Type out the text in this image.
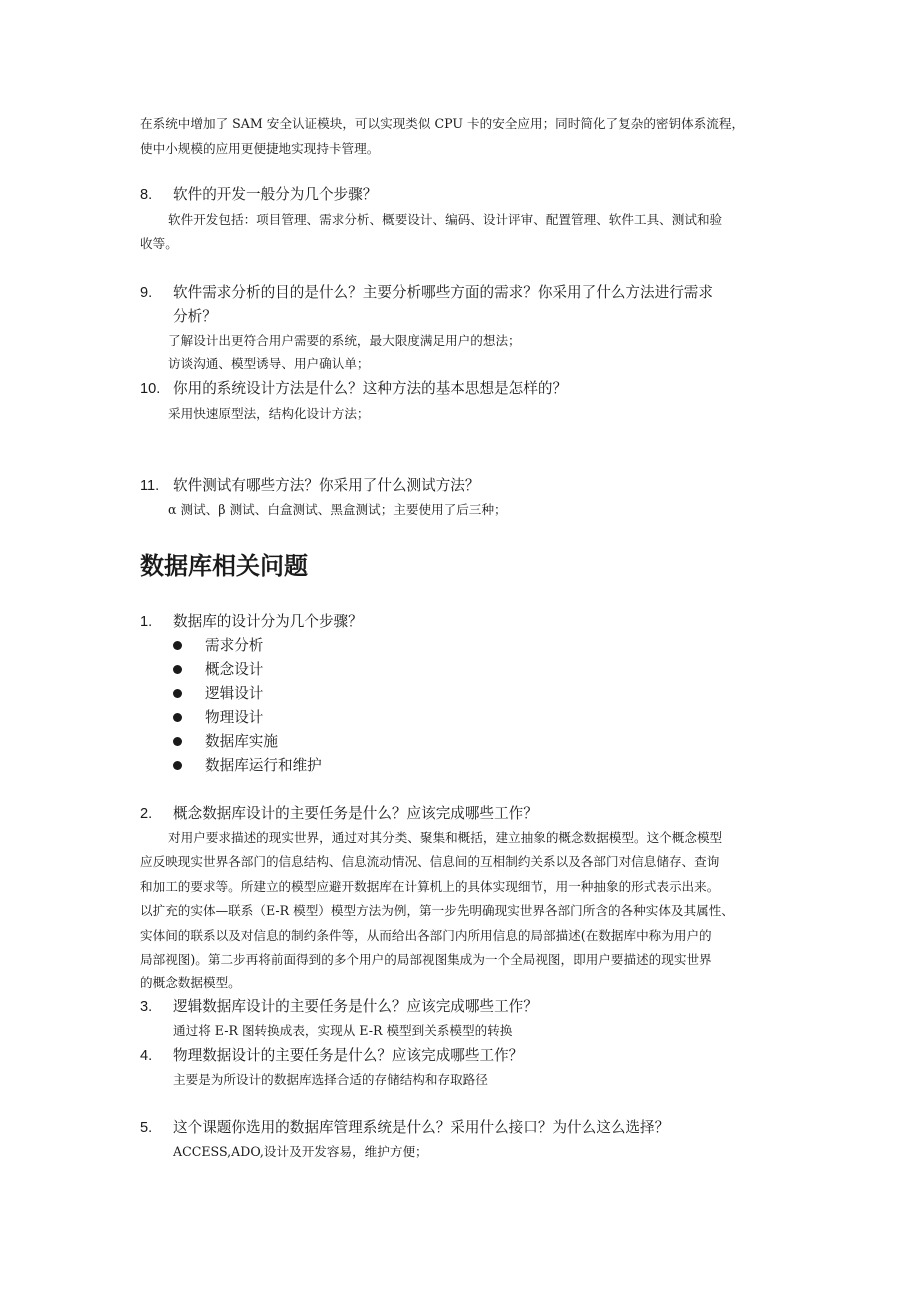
在系统中增加了 SAM 安全认证模块，可以实现类似 CPU 卡的安全应用；同时简化了复杂的密钥体系流程，
使中小规模的应用更便捷地实现持卡管理。
8. 软件的开发一般分为几个步骤？
软件开发包括：项目管理、需求分析、概要设计、编码、设计评审、配置管理、软件工具、测试和验
收等。
9. 软件需求分析的目的是什么？主要分析哪些方面的需求？你采用了什么方法进行需求
分析？
了解设计出更符合用户需要的系统，最大限度满足用户的想法；
访谈沟通、模型诱导、用户确认单；
10. 你用的系统设计方法是什么？这种方法的基本思想是怎样的？
采用快速原型法，结构化设计方法；
11. 软件测试有哪些方法？你采用了什么测试方法？
α 测试、β 测试、白盒测试、黑盒测试；主要使用了后三种；
数据库相关问题
1. 数据库的设计分为几个步骤？
需求分析
概念设计
逻辑设计
物理设计
数据库实施
数据库运行和维护
2. 概念数据库设计的主要任务是什么？应该完成哪些工作？
对用户要求描述的现实世界，通过对其分类、聚集和概括，建立抽象的概念数据模型。这个概念模型
应反映现实世界各部门的信息结构、信息流动情况、信息间的互相制约关系以及各部门对信息储存、查询
和加工的要求等。所建立的模型应避开数据库在计算机上的具体实现细节，用一种抽象的形式表示出来。
以扩充的实体—联系（E-R 模型）模型方法为例，第一步先明确现实世界各部门所含的各种实体及其属性、
实体间的联系以及对信息的制约条件等，从而给出各部门内所用信息的局部描述(在数据库中称为用户的
局部视图)。第二步再将前面得到的多个用户的局部视图集成为一个全局视图，即用户要描述的现实世界
的概念数据模型。
3. 逻辑数据库设计的主要任务是什么？应该完成哪些工作？
通过将 E-R 图转换成表，实现从 E-R 模型到关系模型的转换
4. 物理数据设计的主要任务是什么？应该完成哪些工作？
主要是为所设计的数据库选择合适的存储结构和存取路径
5. 这个课题你选用的数据库管理系统是什么？采用什么接口？为什么这么选择？
ACCESS,ADO,设计及开发容易，维护方便；
